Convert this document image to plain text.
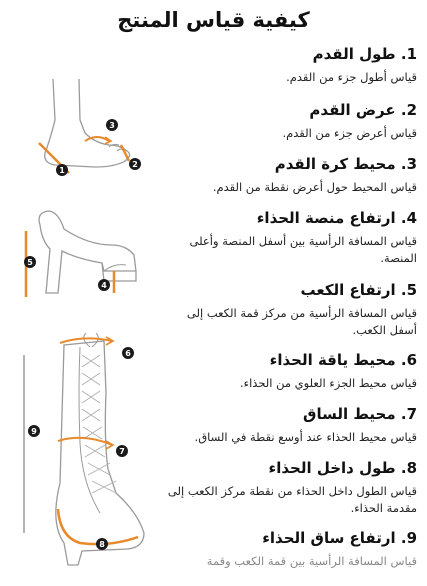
كيفية قياس المنتج
1. طول القدم
قياس أطول جزء من القدم.
2. عرض القدم
قياس أعرض جزء من القدم.
3. محيط كرة القدم
قياس المحيط حول أعرض نقطة من القدم.
4. ارتفاع منصة الحذاء
قياس المسافة الرأسية بين أسفل المنصة وأعلى المنصة.
5. ارتفاع الكعب
قياس المسافة الرأسية من مركز قمة الكعب إلى أسفل الكعب.
6. محيط ياقة الحذاء
قياس محيط الجزء العلوي من الحذاء.
7. محيط الساق
قياس محيط الحذاء عند أوسع نقطة في الساق.
8. طول داخل الحذاء
قياس الطول داخل الحذاء من نقطة مركز الكعب إلى مقدمة الحذاء.
9. ارتفاع ساق الحذاء
قياس المسافة الرأسية بين قمة الكعب وقمة
1
2
3
5
4
6
7
9
8
